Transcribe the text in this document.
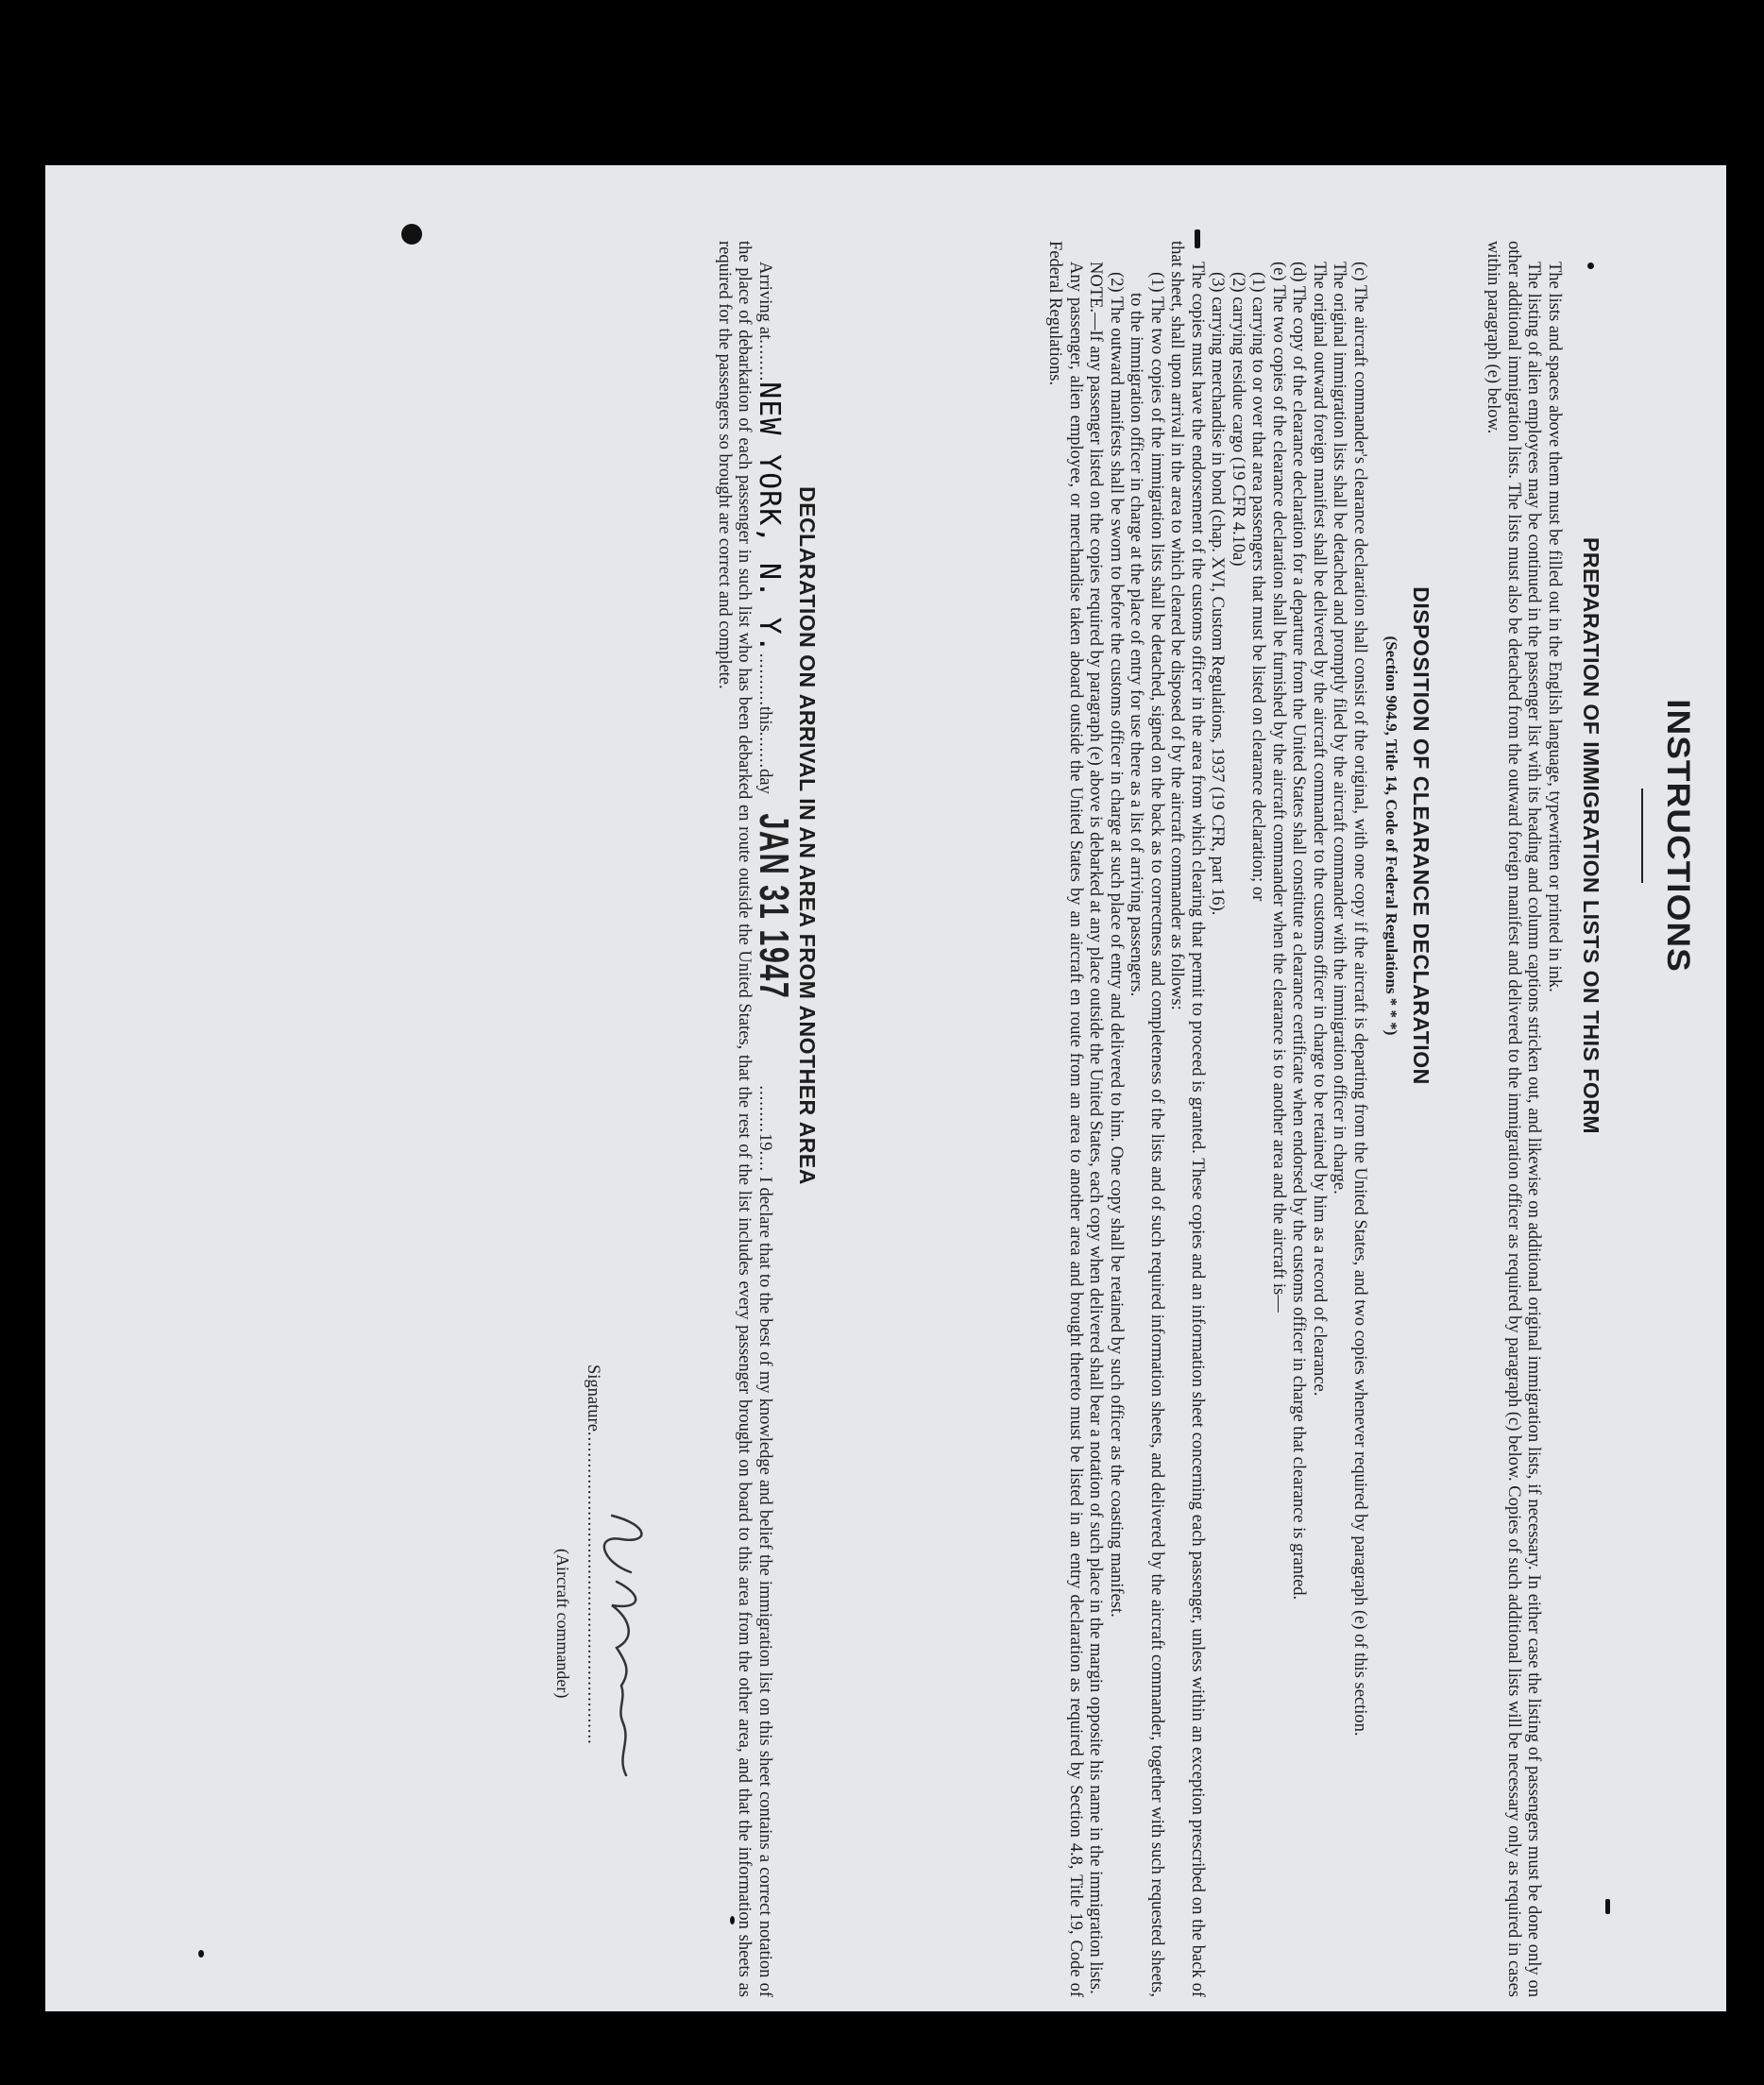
INSTRUCTIONS
PREPARATION OF IMMIGRATION LISTS ON THIS FORM

The lists and spaces above them must be filled out in the English language, typewritten or printed in ink.

The listing of alien employees may be continued in the passenger list with its heading and column captions stricken out, and likewise on additional original immigration lists, if necessary. In either case the listing of passengers must be done only on other additional immigration lists. The lists must also be detached from the outward foreign manifest and delivered to the immigration officer as required by paragraph (c) below. Copies of such additional lists will be necessary only as required in cases within paragraph (e) below.

DISPOSITION OF CLEARANCE DECLARATION
(Section 904.9, Title 14, Code of Federal Regulations * * *)

(c) The aircraft commander's clearance declaration shall consist of the original, with one copy if the aircraft is departing from the United States, and two copies whenever required by paragraph (e) of this section.

The original immigration lists shall be detached and promptly filed by the aircraft commander with the immigration officer in charge.

The original outward foreign manifest shall be delivered by the aircraft commander to the customs officer in charge to be retained by him as a record of clearance.

(d) The copy of the clearance declaration for a departure from the United States shall constitute a clearance certificate when endorsed by the customs officer in charge that clearance is granted.

(e) The two copies of the clearance declaration shall be furnished by the aircraft commander when the clearance is to another area and the aircraft is—

(1) carrying to or over that area passengers that must be listed on clearance declaration; or

(2) carrying residue cargo (19 CFR 4.10a)

(3) carrying merchandise in bond (chap. XVI, Custom Regulations, 1937 (19 CFR, part 16).

The copies must have the endorsement of the customs officer in the area from which clearing that permit to proceed is granted. These copies and an information sheet concerning each passenger, unless within an exception prescribed on the back of that sheet, shall upon arrival in the area to which cleared be disposed of by the aircraft commander as follows:

(1) The two copies of the immigration lists shall be detached, signed on the back as to correctness and completeness of the lists and of such required information sheets, and delivered by the aircraft commander, together with such requested sheets, to the immigration officer in charge at the place of entry for use there as a list of arriving passengers.

(2) The outward manifests shall be sworn to before the customs officer in charge at such place of entry and delivered to him. One copy shall be retained by such officer as the coasting manifest.

NOTE.—If any passenger listed on the copies required by paragraph (e) above is debarked at any place outside the United States, each copy when delivered shall bear a notation of such place in the margin opposite his name in the immigration lists.

Any passenger, alien employee, or merchandise taken aboard outside the United States by an aircraft en route from an area to another area and brought thereto must be listed in an entry declaration as required by Section 4.8, Title 19, Code of Federal Regulations.

DECLARATION ON ARRIVAL IN AN AREA FROM ANOTHER AREA

Arriving at........NEW YORK, N. Y...........this.......day JAN 31 1947.........19.... I declare that to the best of my knowledge and belief the immigration list on this sheet contains a correct notation of the place of debarkation of each passenger in such list who has been debarked en route outside the United States, that the rest of the list includes every passenger brought on board to this area from the other area, and that the information sheets as required for the passengers so brought are correct and complete.

Signature...........................................................
(Aircraft commander)
